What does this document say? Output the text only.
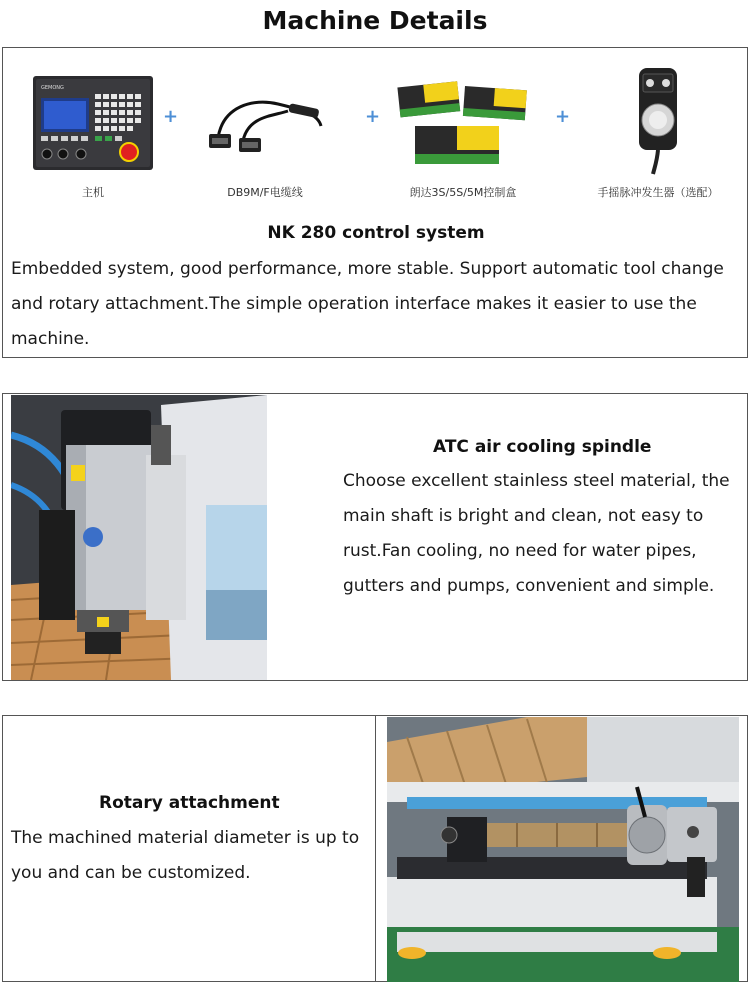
Machine Details
GEMONG
主机
+
DB9M/F电缆线
+
朗达3S/5S/5M控制盒
+
手摇脉冲发生器（选配）
NK 280 control system
Embedded system, good performance, more stable. Support automatic tool change
and rotary attachment.The simple operation interface makes it easier to use the
machine.
ATC air cooling spindle
Choose excellent stainless steel material, the
main shaft is bright and clean, not easy to
rust.Fan cooling, no need for water pipes,
gutters and pumps, convenient and simple.
Rotary attachment
The machined material diameter is up to
you and can be customized.
